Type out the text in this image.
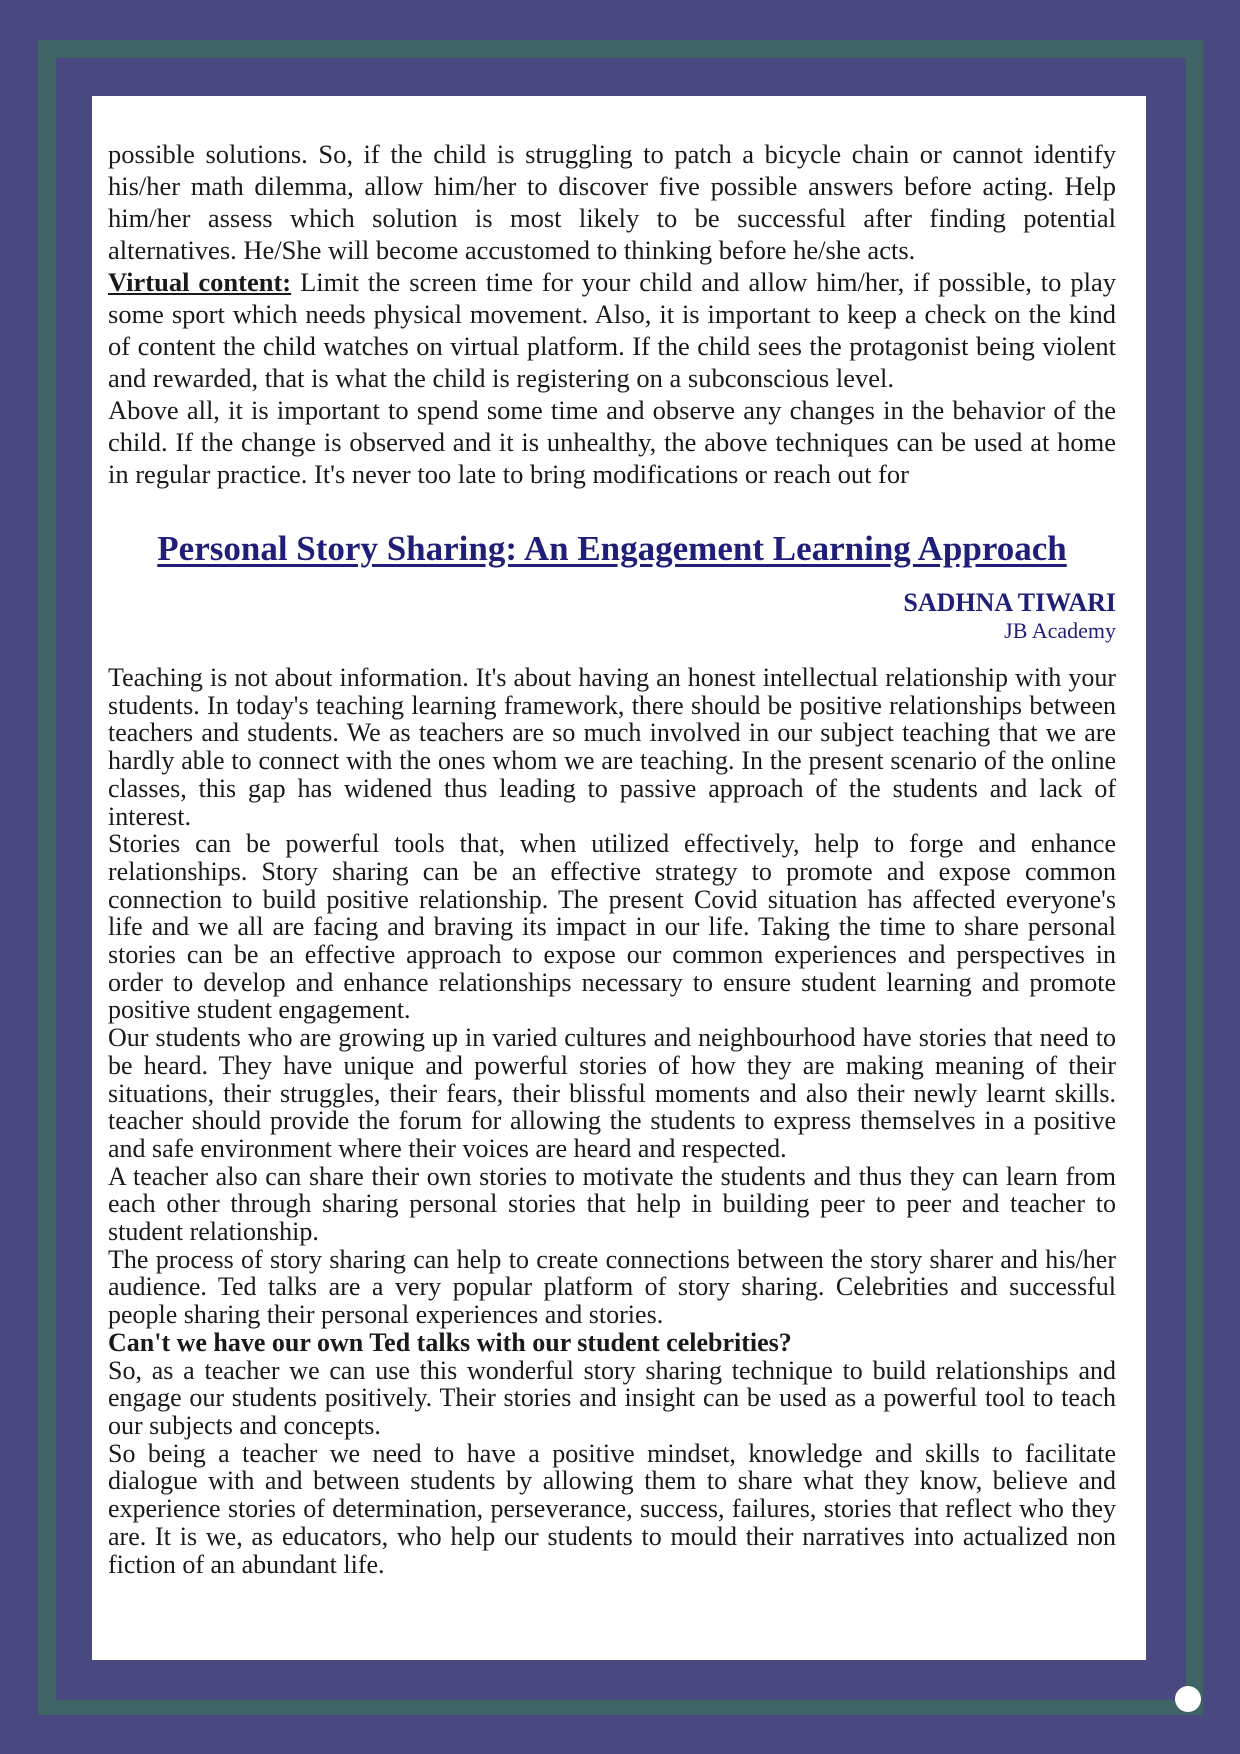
possible solutions. So, if the child is struggling to patch a bicycle chain or cannot identify his/her math dilemma, allow him/her to discover five possible answers before acting. Help him/her assess which solution is most likely to be successful after finding potential alternatives. He/She will become accustomed to thinking before he/she acts.

Virtual content: Limit the screen time for your child and allow him/her, if possible, to play some sport which needs physical movement. Also, it is important to keep a check on the kind of content the child watches on virtual platform. If the child sees the protagonist being violent and rewarded, that is what the child is registering on a subconscious level.

Above all, it is important to spend some time and observe any changes in the behavior of the child. If the change is observed and it is unhealthy, the above techniques can be used at home in regular practice. It's never too late to bring modifications or reach out for

Personal Story Sharing: An Engagement Learning Approach
SADHNA TIWARI
JB Academy

Teaching is not about information. It's about having an honest intellectual relationship with your students. In today's teaching learning framework, there should be positive relationships between teachers and students. We as teachers are so much involved in our subject teaching that we are hardly able to connect with the ones whom we are teaching. In the present scenario of the online classes, this gap has widened thus leading to passive approach of the students and lack of interest.

Stories can be powerful tools that, when utilized effectively, help to forge and enhance relationships. Story sharing can be an effective strategy to promote and expose common connection to build positive relationship. The present Covid situation has affected everyone's life and we all are facing and braving its impact in our life. Taking the time to share personal stories can be an effective approach to expose our common experiences and perspectives in order to develop and enhance relationships necessary to ensure student learning and promote positive student engagement.

Our students who are growing up in varied cultures and neighbourhood have stories that need to be heard. They have unique and powerful stories of how they are making meaning of their situations, their struggles, their fears, their blissful moments and also their newly learnt skills. teacher should provide the forum for allowing the students to express themselves in a positive and safe environment where their voices are heard and respected.

A teacher also can share their own stories to motivate the students and thus they can learn from each other through sharing personal stories that help in building peer to peer and teacher to student relationship.

The process of story sharing can help to create connections between the story sharer and his/her audience. Ted talks are a very popular platform of story sharing. Celebrities and successful people sharing their personal experiences and stories.

Can't we have our own Ted talks with our student celebrities?

So, as a teacher we can use this wonderful story sharing technique to build relationships and engage our students positively. Their stories and insight can be used as a powerful tool to teach our subjects and concepts.

So being a teacher we need to have a positive mindset, knowledge and skills to facilitate dialogue with and between students by allowing them to share what they know, believe and experience stories of determination, perseverance, success, failures, stories that reflect who they are. It is we, as educators, who help our students to mould their narratives into actualized non fiction of an abundant life.
